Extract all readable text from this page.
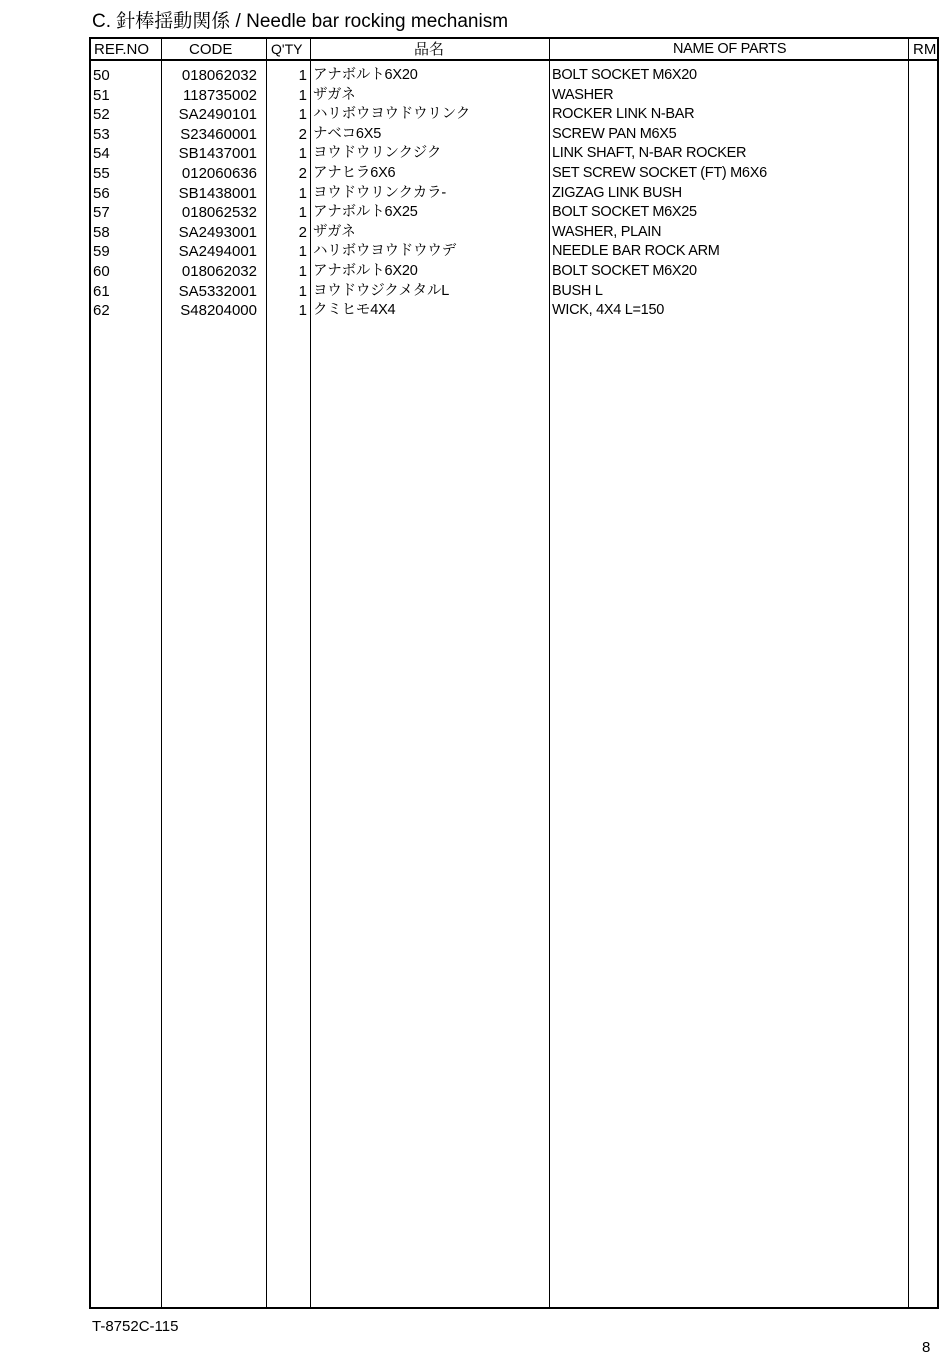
C. 針棒揺動関係 / Needle bar rocking mechanism
REF.NO	CODE	Q'TY	品名	NAME OF PARTS	RM
50	018062032	1 アナボルト6X20	BOLT SOCKET M6X20
51	118735002	1 ザガネ	WASHER
52	SA2490101	1 ハリボウヨウドウリンク	ROCKER LINK N-BAR
53	S23460001	2 ナベコ6X5	SCREW PAN M6X5
54	SB1437001	1 ヨウドウリンクジク	LINK SHAFT, N-BAR ROCKER
55	012060636	2 アナヒラ6X6	SET SCREW SOCKET (FT) M6X6
56	SB1438001	1 ヨウドウリンクカラ-	ZIGZAG LINK BUSH
57	018062532	1 アナボルト6X25	BOLT SOCKET M6X25
58	SA2493001	2 ザガネ	WASHER, PLAIN
59	SA2494001	1 ハリボウヨウドウウデ	NEEDLE BAR ROCK ARM
60	018062032	1 アナボルト6X20	BOLT SOCKET M6X20
61	SA5332001	1 ヨウドウジクメタルL	BUSH L
62	S48204000	1 クミヒモ4X4	WICK, 4X4 L=150
T-8752C-115
8
